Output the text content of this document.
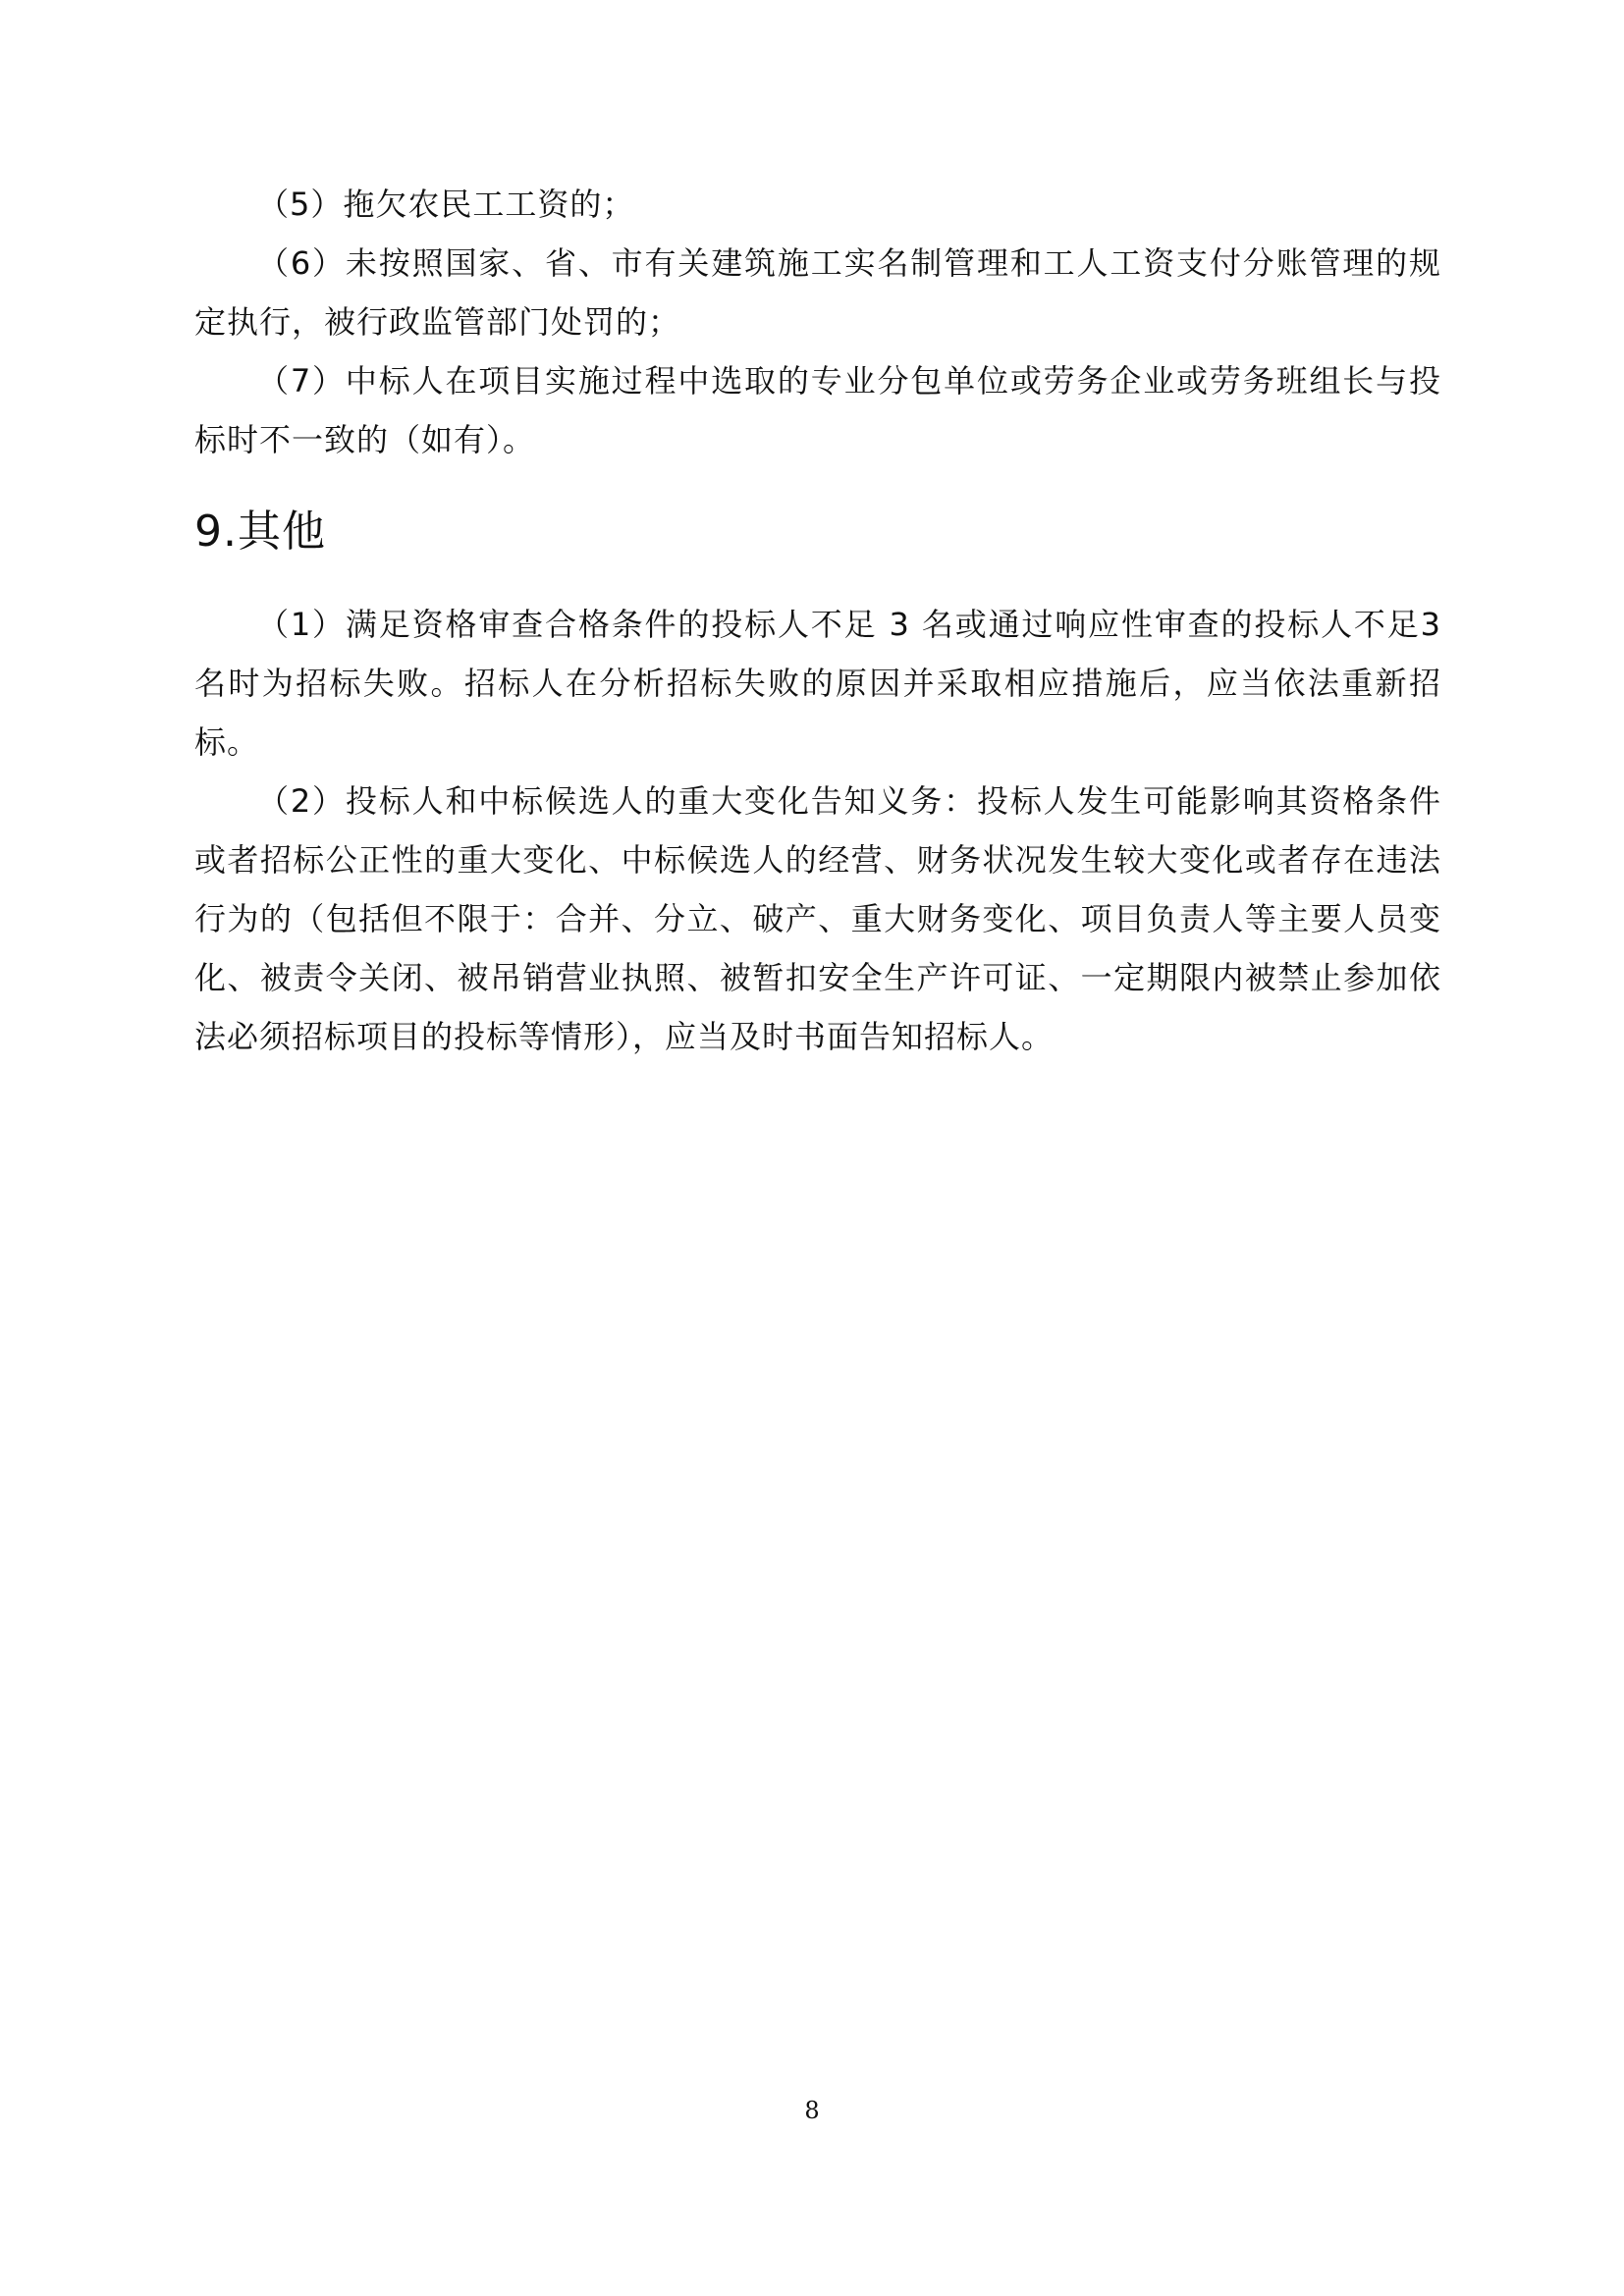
（5）拖欠农民工工资的；

（6）未按照国家、省、市有关建筑施工实名制管理和工人工资支付分账管理的规定执行，被行政监管部门处罚的；

（7）中标人在项目实施过程中选取的专业分包单位或劳务企业或劳务班组长与投标时不一致的（如有）。

9.其他

（1）满足资格审查合格条件的投标人不足 3 名或通过响应性审查的投标人不足3名时为招标失败。招标人在分析招标失败的原因并采取相应措施后，应当依法重新招标。

（2）投标人和中标候选人的重大变化告知义务：投标人发生可能影响其资格条件或者招标公正性的重大变化、中标候选人的经营、财务状况发生较大变化或者存在违法行为的（包括但不限于：合并、分立、破产、重大财务变化、项目负责人等主要人员变化、被责令关闭、被吊销营业执照、被暂扣安全生产许可证、一定期限内被禁止参加依法必须招标项目的投标等情形），应当及时书面告知招标人。

8
